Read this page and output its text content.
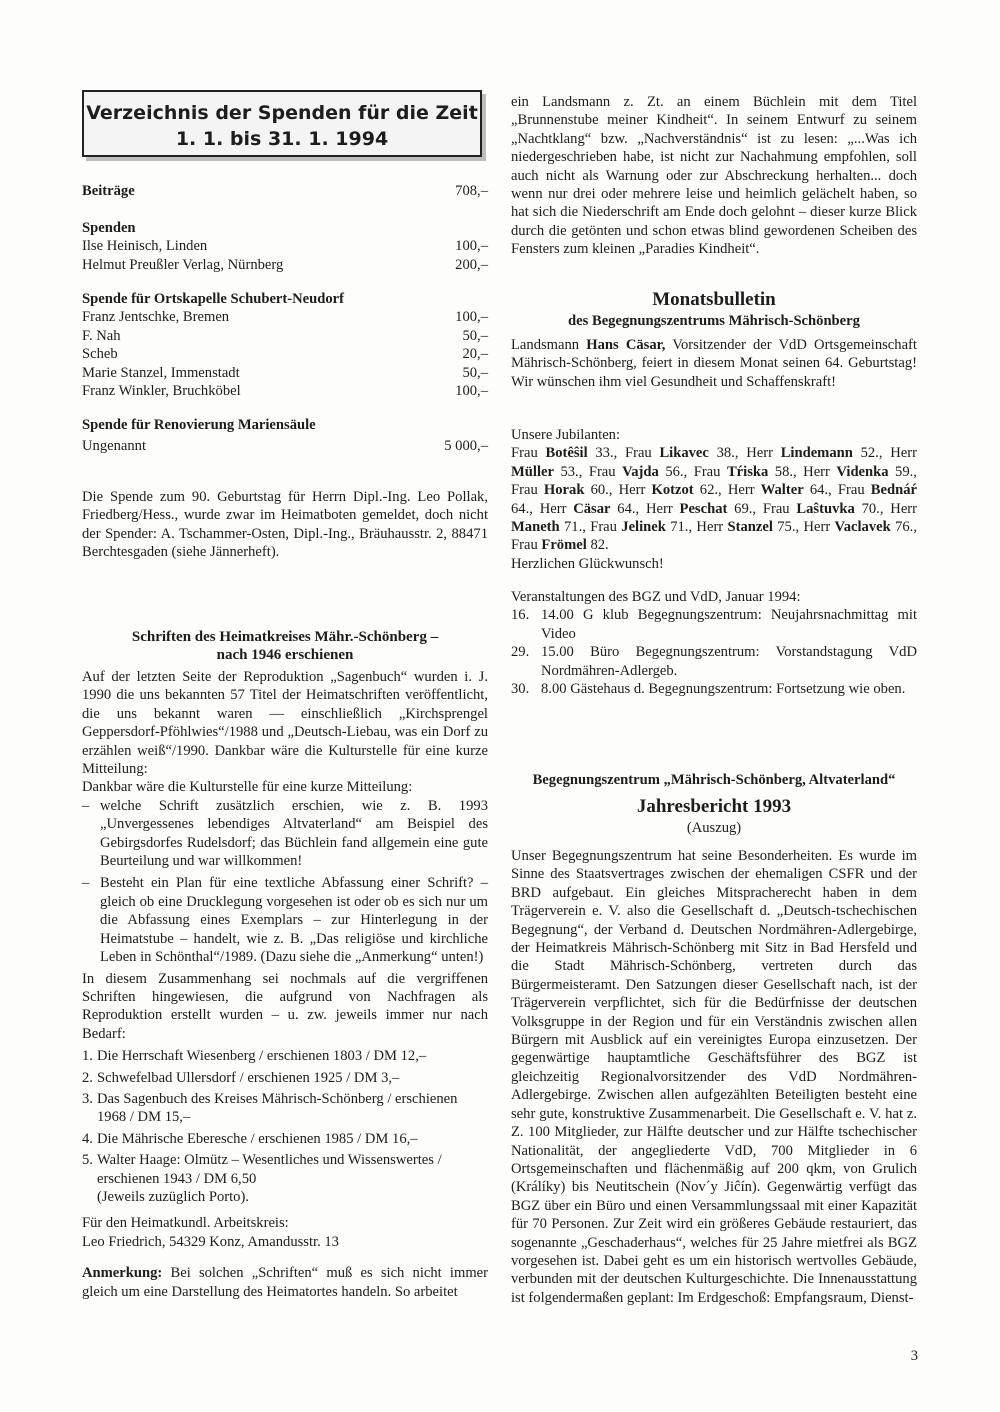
Verzeichnis der Spenden für die Zeit
1. 1. bis 31. 1. 1994
Beiträge	708,–
Spenden
Ilse Heinisch, Linden	100,–
Helmut Preußler Verlag, Nürnberg	200,–
Spende für Ortskapelle Schubert-Neudorf
Franz Jentschke, Bremen	100,–
F. Nah	50,–
Scheb	20,–
Marie Stanzel, Immenstadt	50,–
Franz Winkler, Bruchköbel	100,–
Spende für Renovierung Mariensäule
Ungenannt	5 000,–

Die Spende zum 90. Geburtstag für Herrn Dipl.-Ing. Leo Pollak, Friedberg/Hess., wurde zwar im Heimatboten gemeldet, doch nicht der Spender: A. Tschammer-Osten, Dipl.-Ing., Bräuhausstr. 2, 88471 Berchtesgaden (siehe Jännerheft).

Schriften des Heimatkreises Mähr.-Schönberg –
nach 1946 erschienen

Auf der letzten Seite der Reproduktion „Sagenbuch“ wurden i. J. 1990 die uns bekannten 57 Titel der Heimatschriften veröffentlicht, die uns bekannt waren — einschließlich „Kirchsprengel Geppersdorf-Pföhlwies“/1988 und „Deutsch-Liebau, was ein Dorf zu erzählen weiß“/1990. Dankbar wäre die Kulturstelle für eine kurze Mitteilung:

Dankbar wäre die Kulturstelle für eine kurze Mitteilung:

– welche Schrift zusätzlich erschien, wie z. B. 1993 „Unvergessenes lebendiges Altvaterland“ am Beispiel des Gebirgsdorfes Rudelsdorf; das Büchlein fand allgemein eine gute Beurteilung und war willkommen!
– Besteht ein Plan für eine textliche Abfassung einer Schrift? – gleich ob eine Drucklegung vorgesehen ist oder ob es sich nur um die Abfassung eines Exemplars – zur Hinterlegung in der Heimatstube – handelt, wie z. B. „Das religiöse und kirchliche Leben in Schönthal“/1989. (Dazu siehe die „Anmerkung“ unten!)

In diesem Zusammenhang sei nochmals auf die vergriffenen Schriften hingewiesen, die aufgrund von Nachfragen als Reproduktion erstellt wurden – u. zw. jeweils immer nur nach Bedarf:

1. Die Herrschaft Wiesenberg / erschienen 1803 / DM 12,–
2. Schwefelbad Ullersdorf / erschienen 1925 / DM 3,–
3. Das Sagenbuch des Kreises Mährisch-Schönberg / erschienen 1968 / DM 15,–
4. Die Mährische Eberesche / erschienen 1985 / DM 16,–
5. Walter Haage: Olmütz – Wesentliches und Wissenswertes / erschienen 1943 / DM 6,50

(Jeweils zuzüglich Porto).

Für den Heimatkundl. Arbeitskreis:

Leo Friedrich, 54329 Konz, Amandusstr. 13

Anmerkung: Bei solchen „Schriften“ muß es sich nicht immer gleich um eine Darstellung des Heimatortes handeln. So arbeitet

ein Landsmann z. Zt. an einem Büchlein mit dem Titel „Brunnenstube meiner Kindheit“. In seinem Entwurf zu seinem „Nachtklang“ bzw. „Nachverständnis“ ist zu lesen: „...Was ich niedergeschrieben habe, ist nicht zur Nachahmung empfohlen, soll auch nicht als Warnung oder zur Abschreckung herhalten... doch wenn nur drei oder mehrere leise und heimlich gelächelt haben, so hat sich die Niederschrift am Ende doch gelohnt – dieser kurze Blick durch die getönten und schon etwas blind gewordenen Scheiben des Fensters zum kleinen „Paradies Kindheit“.

Monatsbulletin
des Begegnungszentrums Mährisch-Schönberg

Landsmann Hans Cäsar, Vorsitzender der VdD Ortsgemeinschaft Mährisch-Schönberg, feiert in diesem Monat seinen 64. Geburtstag! Wir wünschen ihm viel Gesundheit und Schaffenskraft!

Unsere Jubilanten:

Frau Botêŝil 33., Frau Likavec 38., Herr Lindemann 52., Herr Müller 53., Frau Vajda 56., Frau Tŕiska 58., Herr Videnka 59., Frau Horak 60., Herr Kotzot 62., Herr Walter 64., Frau Bednáŕ 64., Herr Cäsar 64., Herr Peschat 69., Frau Laŝtuvka 70., Herr Maneth 71., Frau Jelinek 71., Herr Stanzel 75., Herr Vaclavek 76., Frau Frömel 82.

Herzlichen Glückwunsch!

Veranstaltungen des BGZ und VdD, Januar 1994:

16. 14.00 G klub Begegnungszentrum: Neujahrsnachmittag mit Video
29. 15.00 Büro Begegnungszentrum: Vorstandstagung VdD Nordmähren-Adlergeb.
30. 8.00 Gästehaus d. Begegnungszentrum: Fortsetzung wie oben.
Begegnungszentrum „Mährisch-Schönberg, Altvaterland“
Jahresbericht 1993
(Auszug)

Unser Begegnungszentrum hat seine Besonderheiten. Es wurde im Sinne des Staatsvertrages zwischen der ehemaligen CSFR und der BRD aufgebaut. Ein gleiches Mitspracherecht haben in dem Trägerverein e. V. also die Gesellschaft d. „Deutsch-tschechischen Begegnung“, der Verband d. Deutschen Nordmähren-Adlergebirge, der Heimatkreis Mährisch-Schönberg mit Sitz in Bad Hersfeld und die Stadt Mährisch-Schönberg, vertreten durch das Bürgermeisteramt. Den Satzungen dieser Gesellschaft nach, ist der Trägerverein verpflichtet, sich für die Bedürfnisse der deutschen Volksgruppe in der Region und für ein Verständnis zwischen allen Bürgern mit Ausblick auf ein vereinigtes Europa einzusetzen. Der gegenwärtige hauptamtliche Geschäftsführer des BGZ ist gleichzeitig Regionalvorsitzender des VdD Nordmähren-Adlergebirge. Zwischen allen aufgezählten Beteiligten besteht eine sehr gute, konstruktive Zusammenarbeit. Die Gesellschaft e. V. hat z. Z. 100 Mitglieder, zur Hälfte deutscher und zur Hälfte tschechischer Nationalität, der angegliederte VdD, 700 Mitglieder in 6 Ortsgemeinschaften und flächenmäßig auf 200 qkm, von Grulich (Králíky) bis Neutitschein (Nov´y Jiĉín). Gegenwärtig verfügt das BGZ über ein Büro und einen Versammlungssaal mit einer Kapazität für 70 Personen. Zur Zeit wird ein größeres Gebäude restauriert, das sogenannte „Geschaderhaus“, welches für 25 Jahre mietfrei als BGZ vorgesehen ist. Dabei geht es um ein historisch wertvolles Gebäude, verbunden mit der deutschen Kulturgeschichte. Die Innenausstattung ist folgendermaßen geplant: Im Erdgeschoß: Empfangsraum, Dienst-

3
